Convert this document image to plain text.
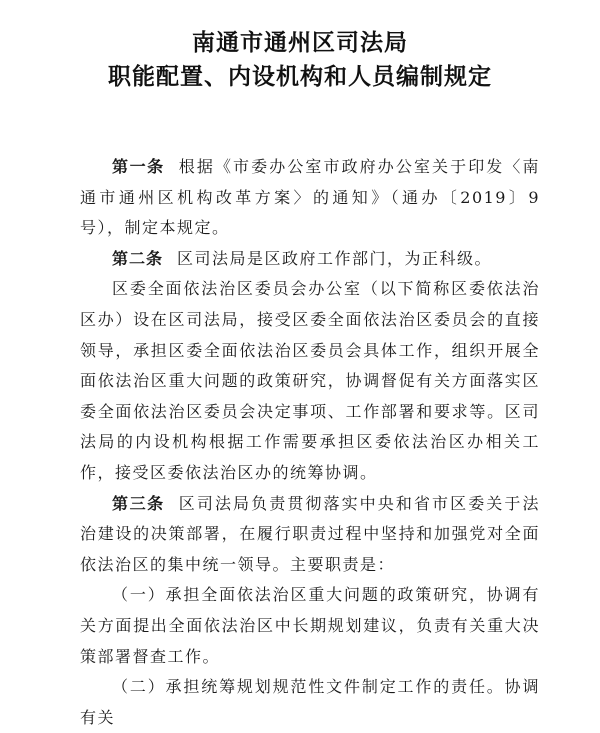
南通市通州区司法局
职能配置、内设机构和人员编制规定

第一条 根据《市委办公室市政府办公室关于印发〈南通市通州区机构改革方案〉的通知》（通办〔2019〕9号），制定本规定。

第二条 区司法局是区政府工作部门，为正科级。

区委全面依法治区委员会办公室（以下简称区委依法治区办）设在区司法局，接受区委全面依法治区委员会的直接领导，承担区委全面依法治区委员会具体工作，组织开展全面依法治区重大问题的政策研究，协调督促有关方面落实区委全面依法治区委员会决定事项、工作部署和要求等。区司法局的内设机构根据工作需要承担区委依法治区办相关工作，接受区委依法治区办的统筹协调。

第三条 区司法局负责贯彻落实中央和省市区委关于法治建设的决策部署，在履行职责过程中坚持和加强党对全面依法治区的集中统一领导。主要职责是：

（一）承担全面依法治区重大问题的政策研究，协调有关方面提出全面依法治区中长期规划建议，负责有关重大决策部署督查工作。

（二）承担统筹规划规范性文件制定工作的责任。协调有关
